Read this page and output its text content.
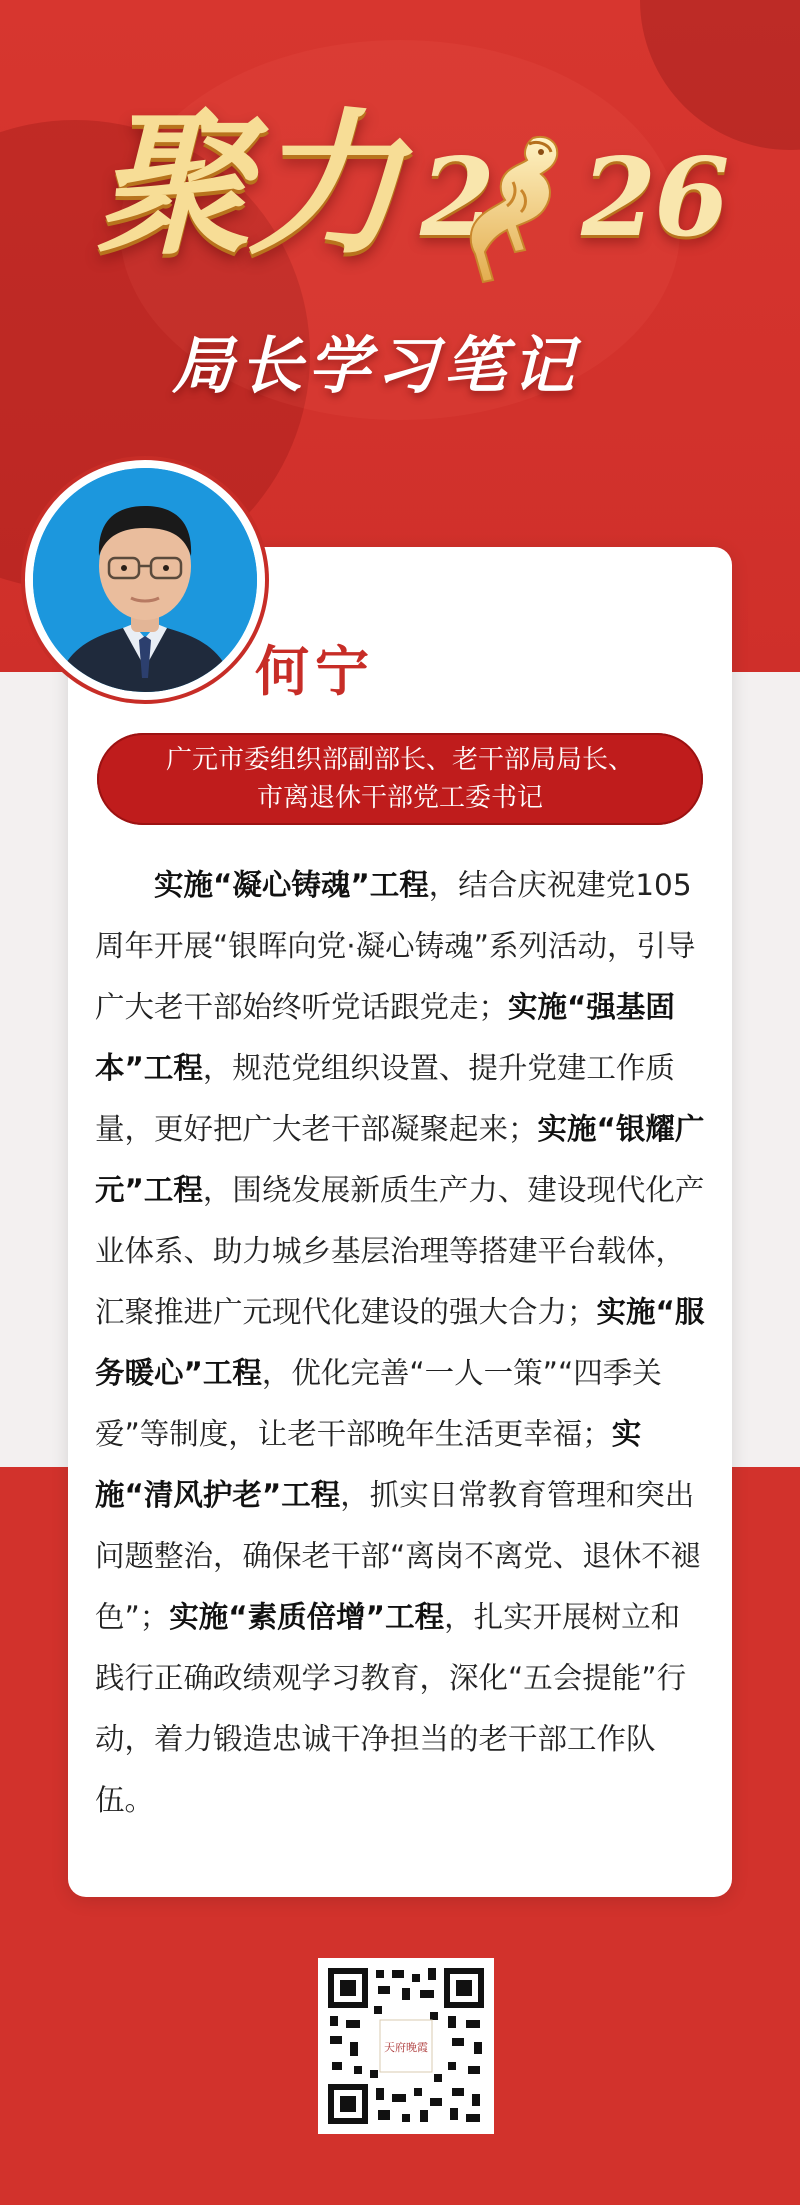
聚力 2 26
局长学习笔记
何宁
广元市委组织部副部长、老干部局局长、
市离退休干部党工委书记

实施“凝心铸魂”工程，结合庆祝建党105周年开展“银晖向党·凝心铸魂”系列活动，引导广大老干部始终听党话跟党走；实施“强基固本”工程，规范党组织设置、提升党建工作质量，更好把广大老干部凝聚起来；实施“银耀广元”工程，围绕发展新质生产力、建设现代化产业体系、助力城乡基层治理等搭建平台载体，汇聚推进广元现代化建设的强大合力；实施“服务暖心”工程，优化完善“一人一策”“四季关爱”等制度，让老干部晚年生活更幸福；实施“清风护老”工程，抓实日常教育管理和突出问题整治，确保老干部“离岗不离党、退休不褪色”；实施“素质倍增”工程，扎实开展树立和践行正确政绩观学习教育，深化“五会提能”行动，着力锻造忠诚干净担当的老干部工作队伍。

天府晚霞
